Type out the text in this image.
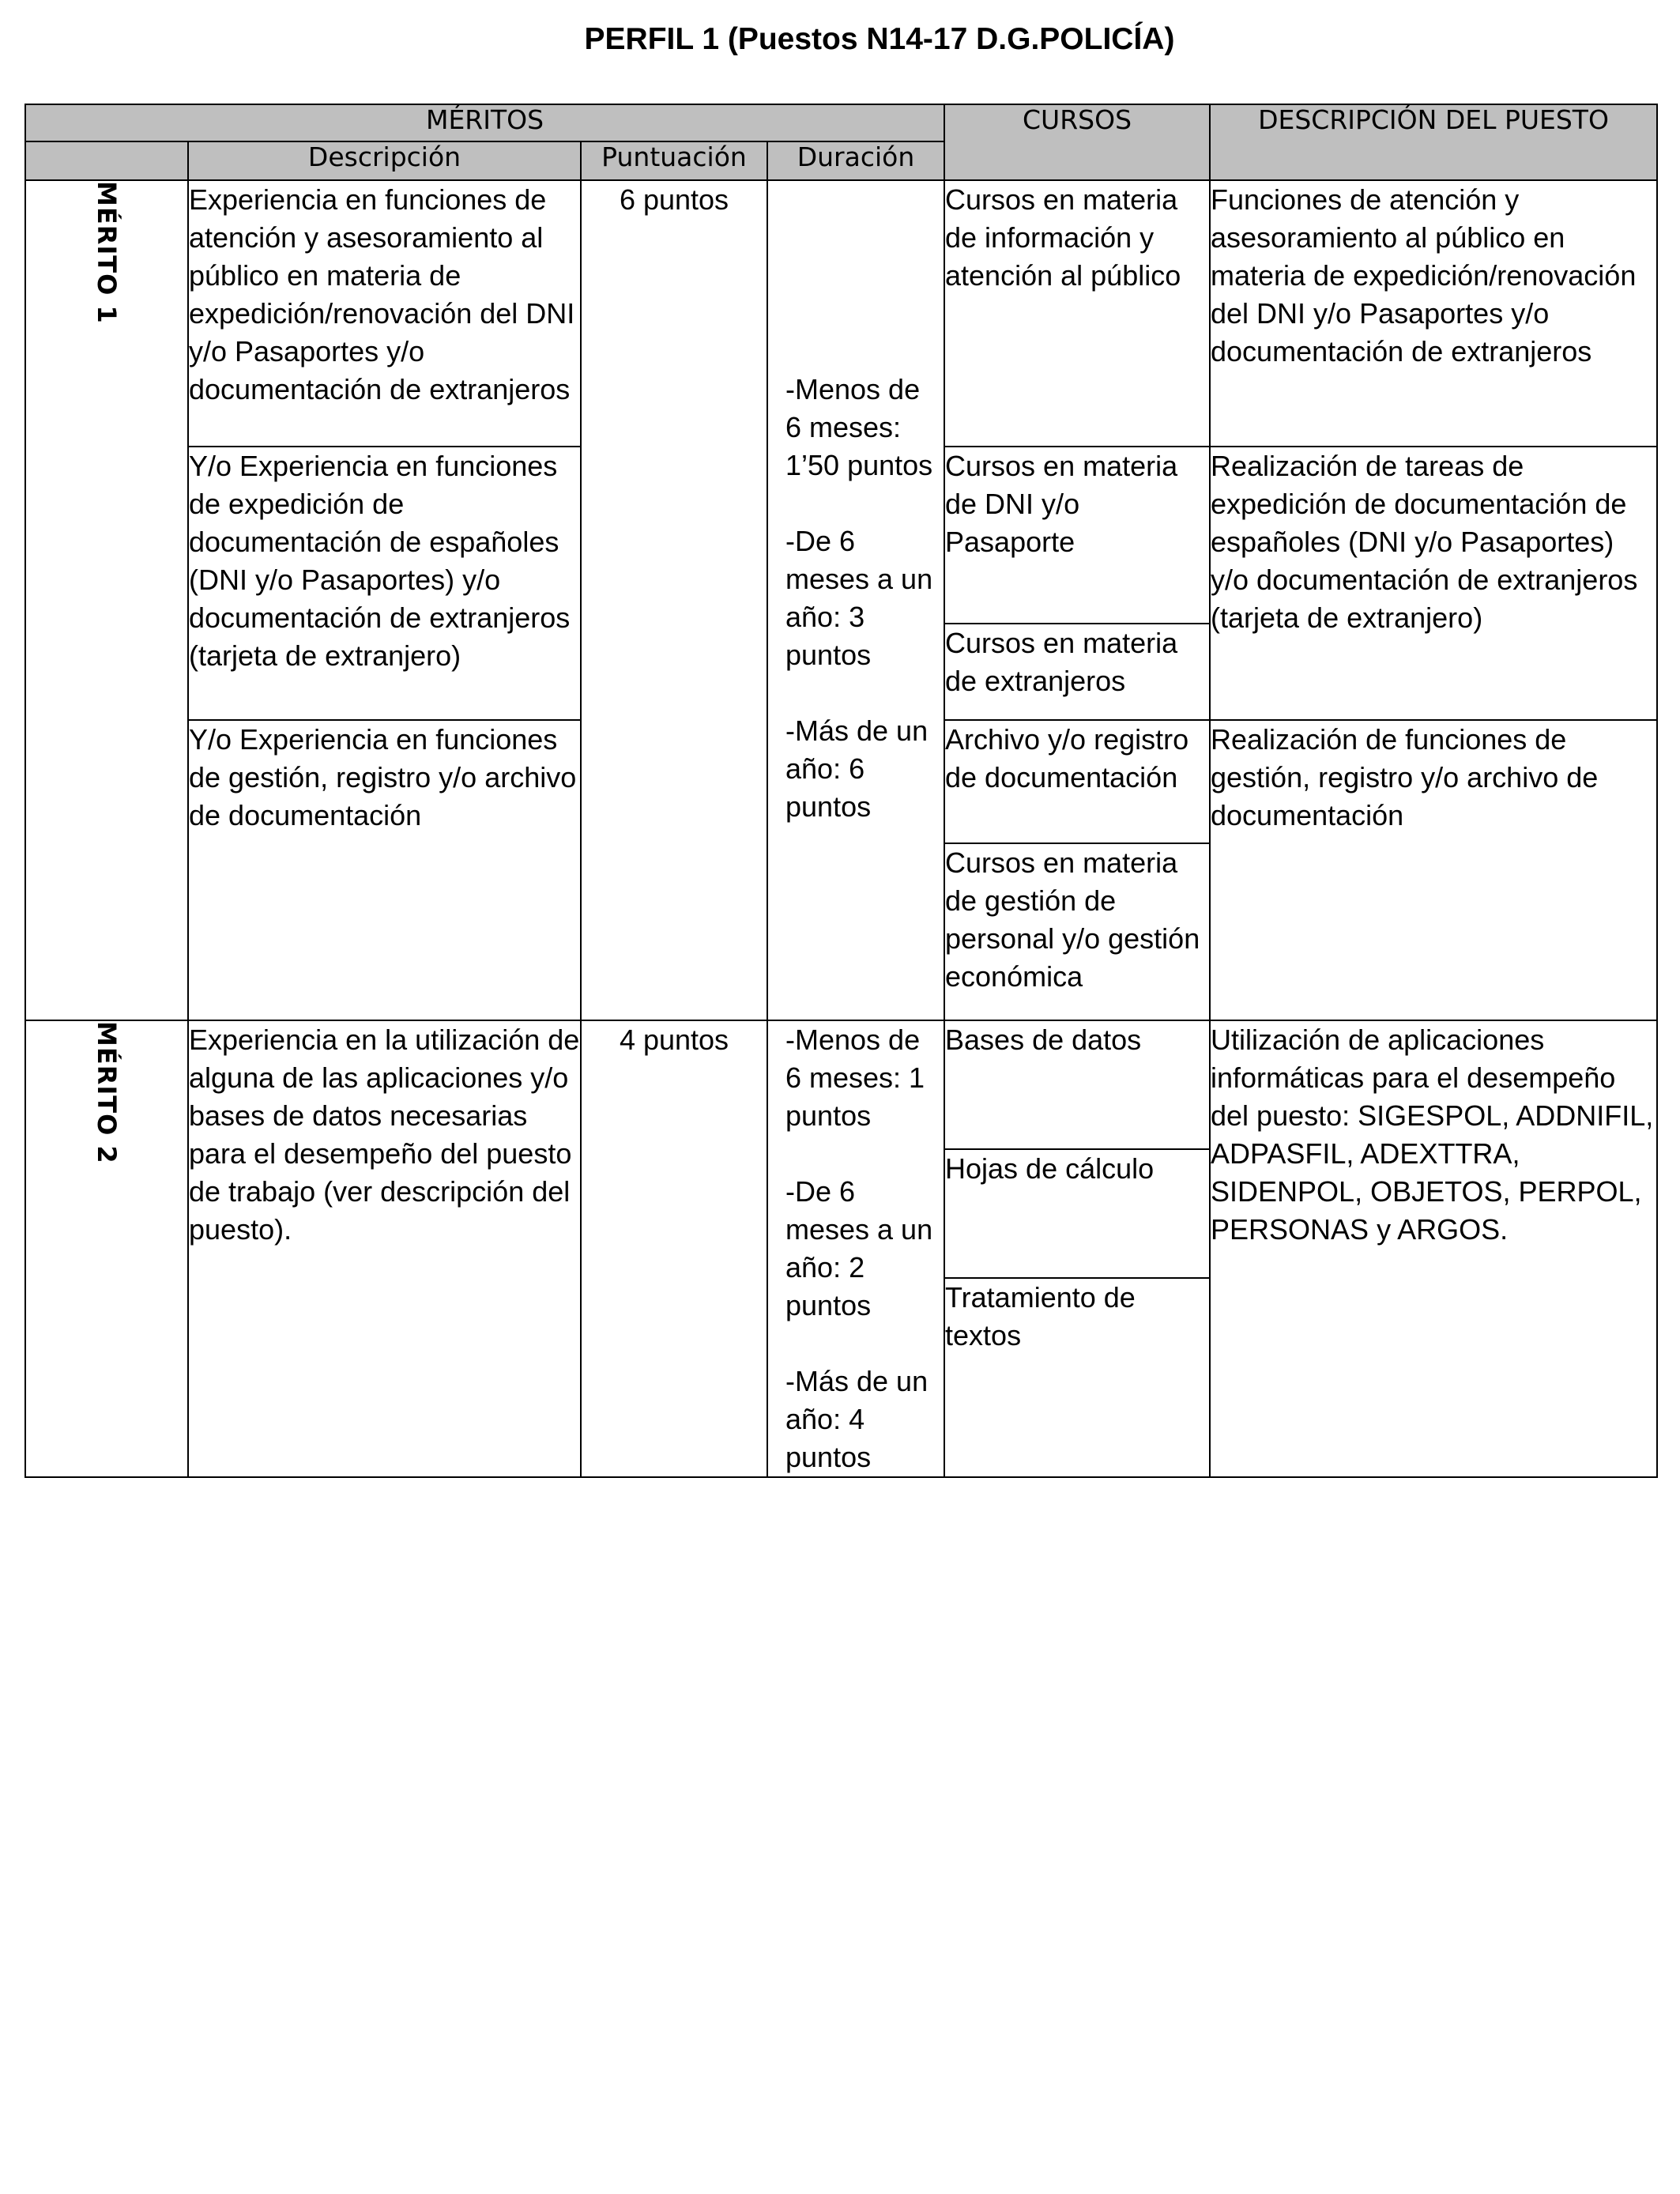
PERFIL 1 (Puestos N14-17 D.G.POLICÍA)
MÉRITOS				CURSOS	DESCRIPCIÓN DEL PUESTO
	Descripción	Puntuación	Duración		
MÉRITO 1	Experiencia en funciones de atención y asesoramiento al público en materia de expedición/renovación del DNI y/o Pasaportes y/o documentación de extranjeros	6 puntos	-Menos de 6 meses: 1’50 puntos
-De 6 meses a un año: 3 puntos
-Más de un año: 6 puntos	Cursos en materia de información y atención al público	Funciones de atención y asesoramiento al público en materia de expedición/renovación del DNI y/o Pasaportes y/o documentación de extranjeros
	Y/o Experiencia en funciones de expedición de documentación de españoles (DNI y/o Pasaportes) y/o documentación de extranjeros (tarjeta de extranjero)			Cursos en materia de DNI y/o Pasaporte	Realización de tareas de expedición de documentación de españoles (DNI y/o Pasaportes) y/o documentación de extranjeros (tarjeta de extranjero)
				Cursos en materia de extranjeros	
	Y/o Experiencia en funciones de gestión, registro y/o archivo de documentación			Archivo y/o registro de documentación	Realización de funciones de gestión, registro y/o archivo de documentación
				Cursos en materia de gestión de personal y/o gestión económica	
MÉRITO 2	Experiencia en la utilización de alguna de las aplicaciones y/o bases de datos necesarias para el desempeño del puesto de trabajo (ver descripción del puesto).	4 puntos	-Menos de 6 meses: 1 puntos
-De 6 meses a un año: 2 puntos
-Más de un año: 4 puntos	Bases de datos	Utilización de aplicaciones informáticas para el desempeño del puesto: SIGESPOL, ADDNIFIL, ADPASFIL, ADEXTTRA, SIDENPOL, OBJETOS, PERPOL, PERSONAS y ARGOS.
				Hojas de cálculo	
				Tratamiento de textos	
